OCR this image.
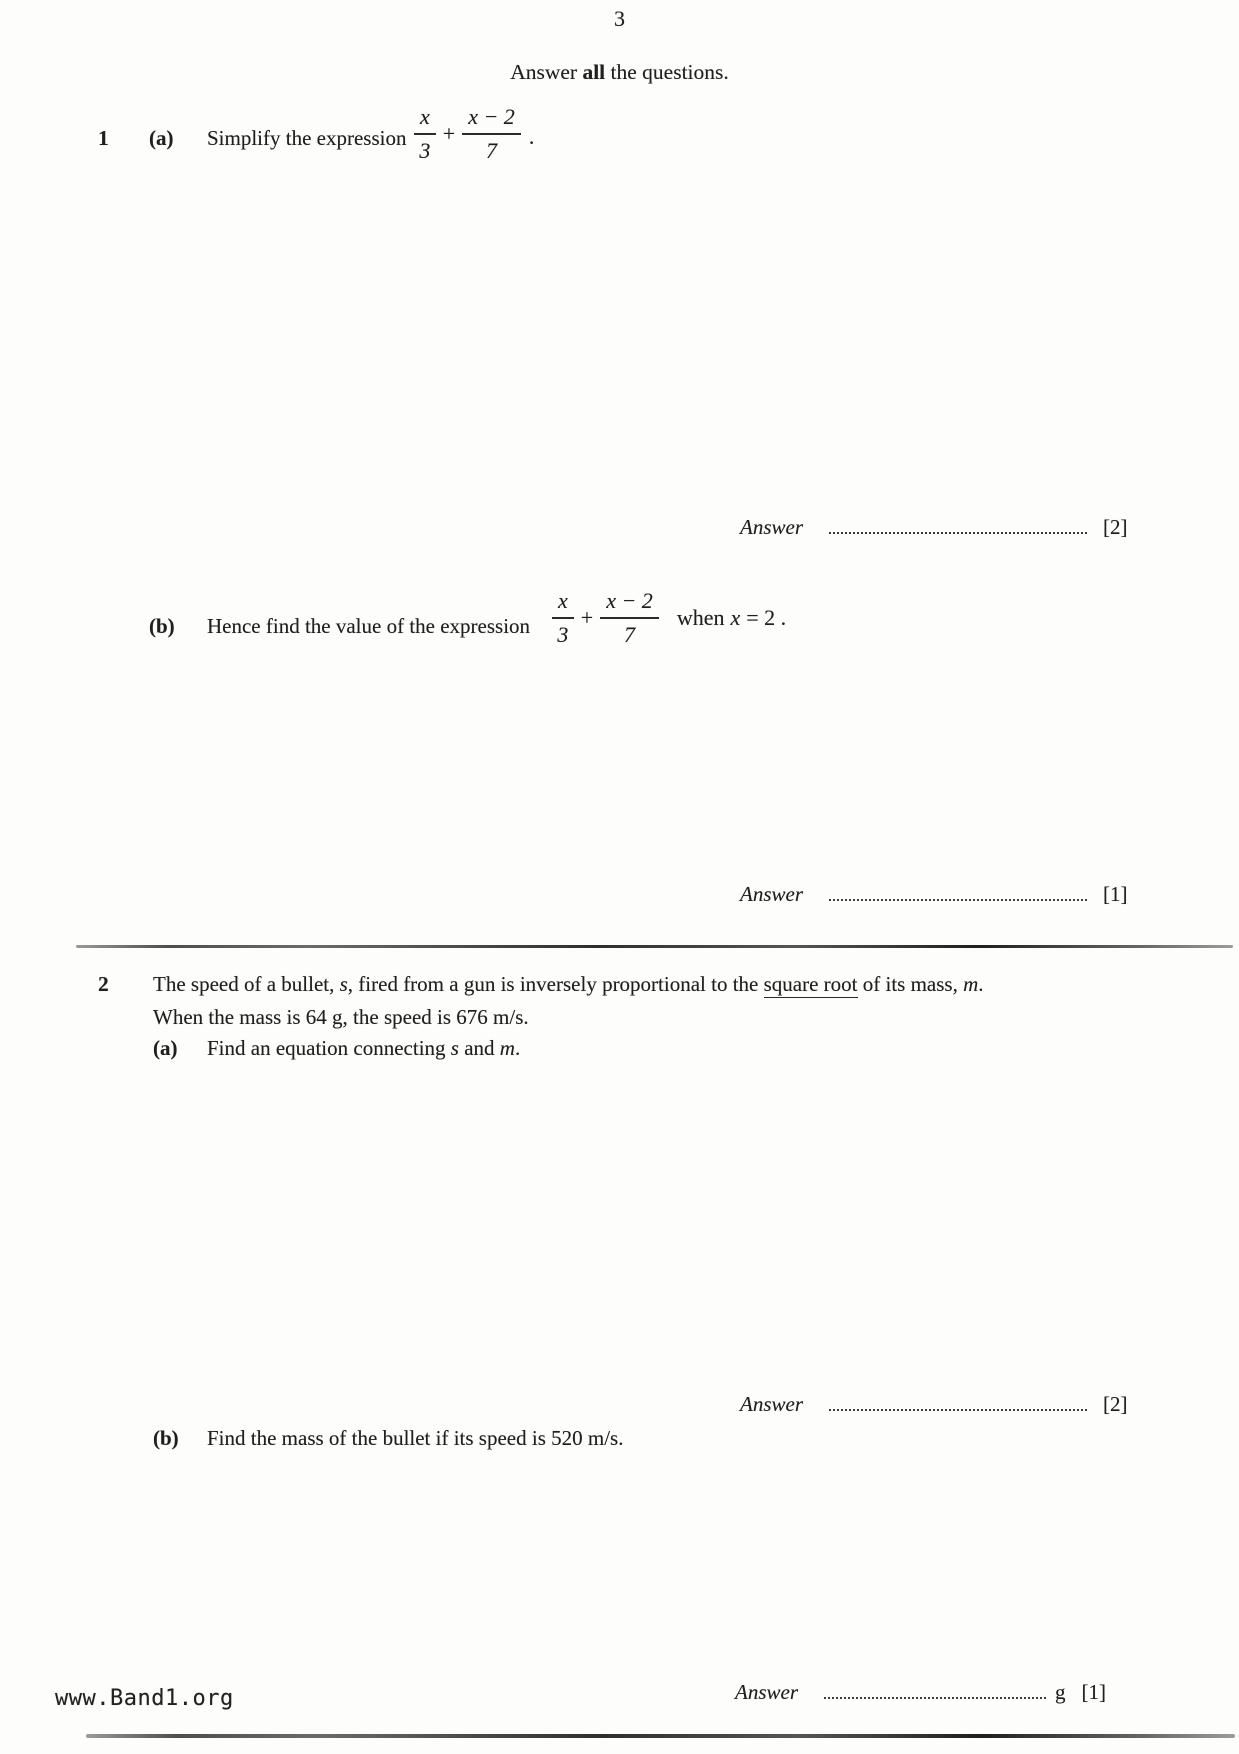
3
Answer all the questions.
1 (a) Simplify the expression $\frac{x}{3} + \frac{x - 2}{7}$ .
Answer	[2]
(b) Hence find the value of the expression $\frac{x}{3} + \frac{x - 2}{7}$ when x = 2 .
Answer	[1]
2 The speed of a bullet, s, fired from a gun is inversely proportional to the square root of its mass, m.
When the mass is 64 g, the speed is 676 m/s.
(a) Find an equation connecting s and m.
Answer	[2]
(b) Find the mass of the bullet if its speed is 520 m/s.
Answer	g [1]
www.Band1.org
